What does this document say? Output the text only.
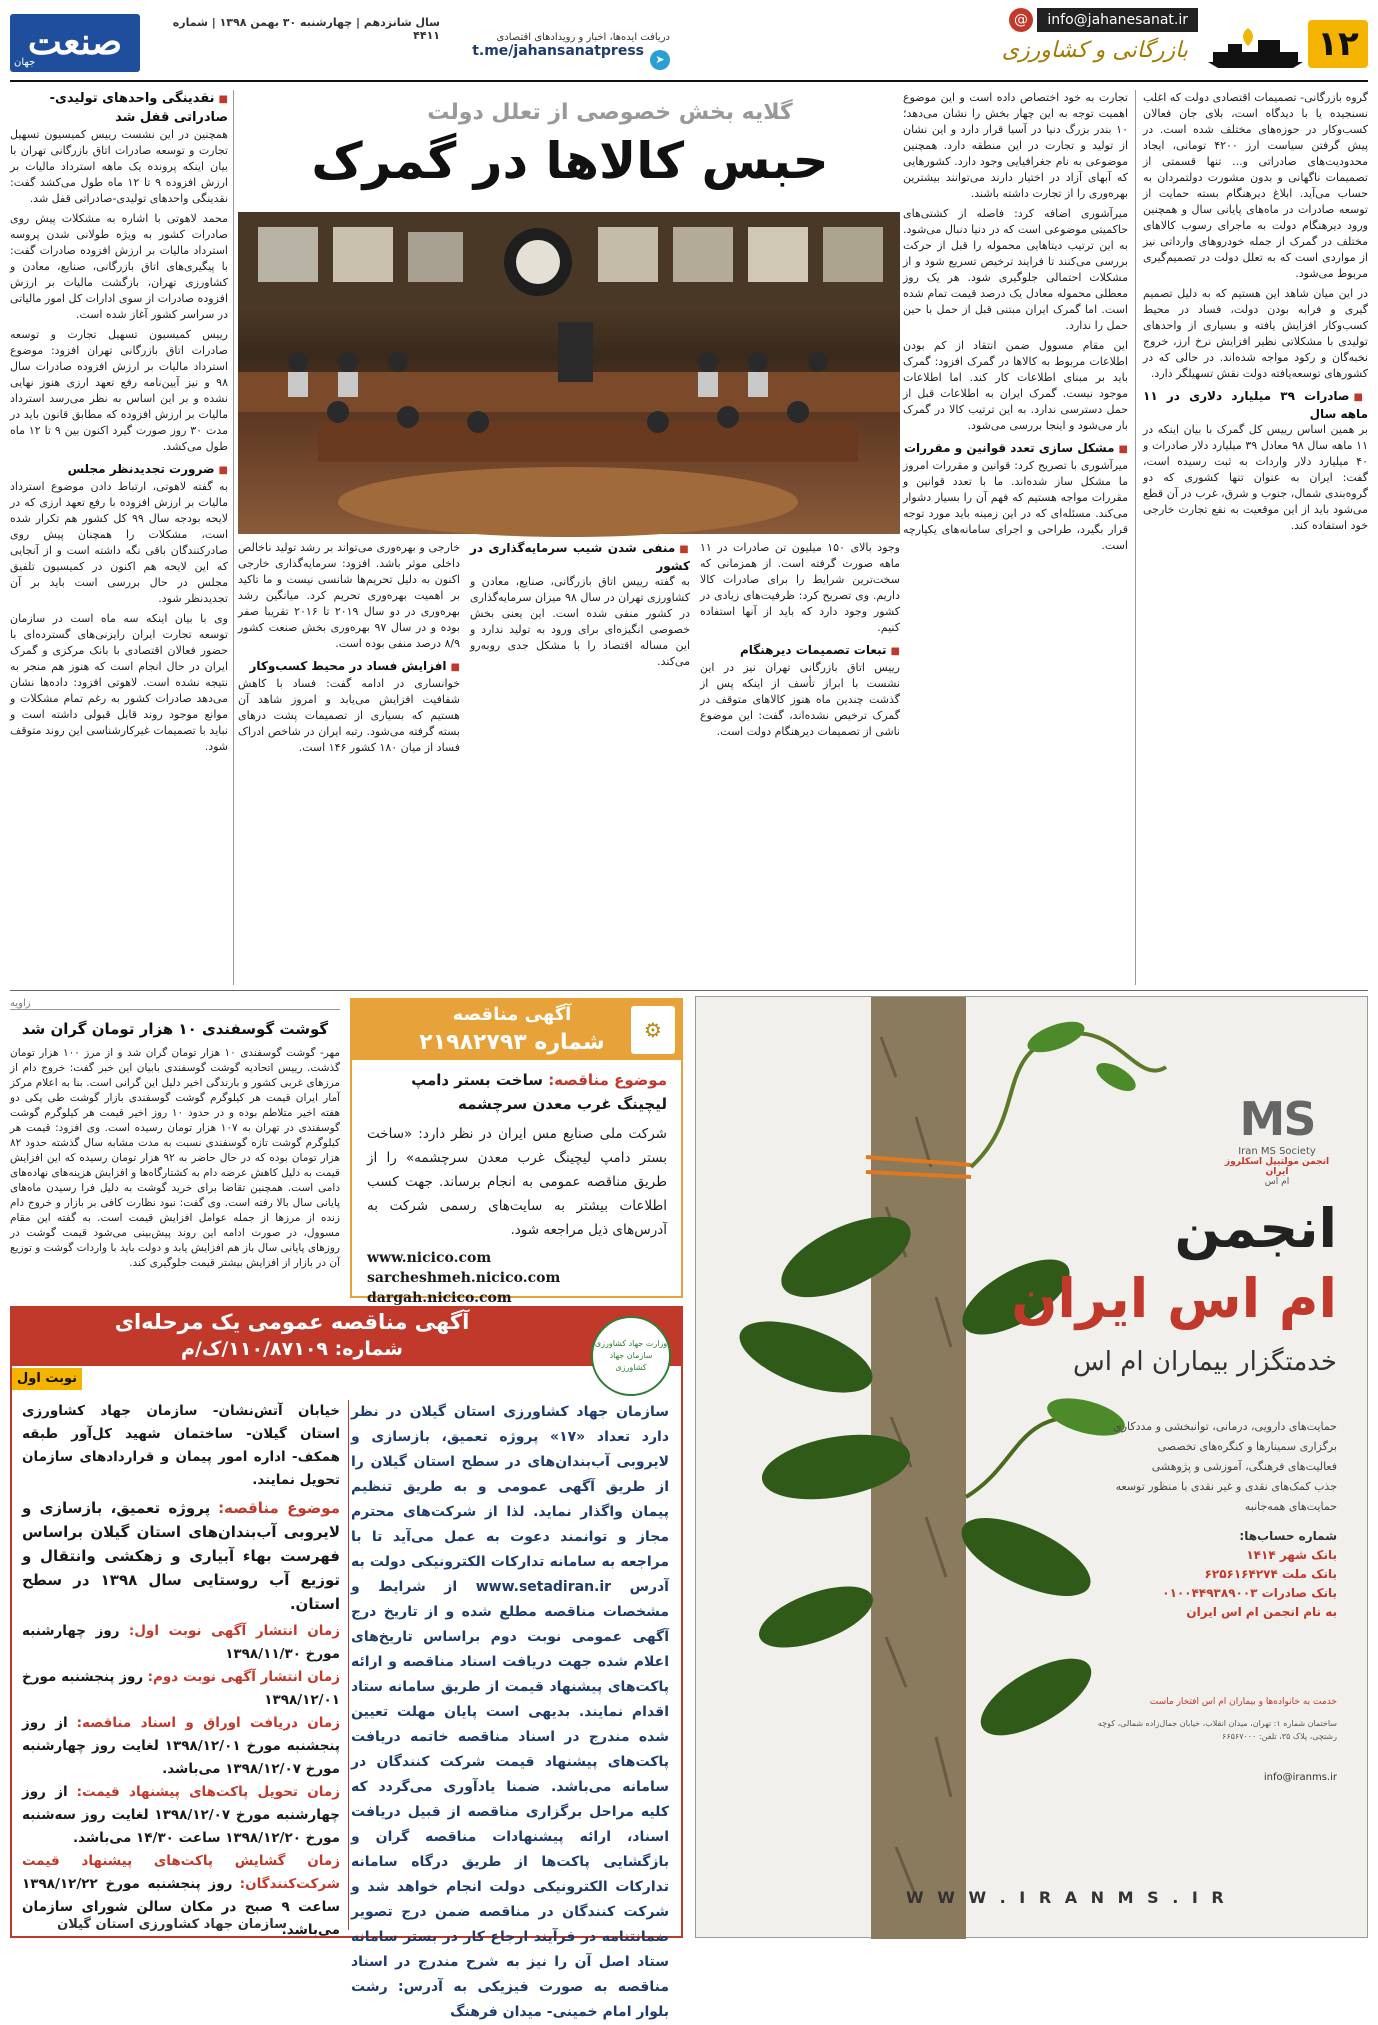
۱۲
بازرگانی و کشاورزی
info@jahanesanat.ir
@
دریافت ایده‌ها، اخبار و رویدادهای اقتصادی
t.me/jahansanatpress
➤
سال شانزدهم | چهارشنبه ۳۰ بهمن ۱۳۹۸ | شماره ۴۴۱۱
صنعت
جهان
گلایه بخش خصوصی از تعلل دولت
حبس کالاها در گمرک

گروه بازرگانی- تصمیمات اقتصادی دولت که اغلب نسنجیده یا با دیدگاه است، بلای جان فعالان کسب‌وکار در حوزه‌های مختلف شده است. در پیش گرفتن سیاست ارز ۴۲۰۰ تومانی، ایجاد محدودیت‌های صادراتی و... تنها قسمتی از تصمیمات ناگهانی و بدون مشورت دولتمردان به حساب می‌آید. ابلاغ دیرهنگام بسته حمایت از توسعه صادرات در ماه‌های پایانی سال و همچنین ورود دیرهنگام دولت به ماجرای رسوب کالاهای مختلف در گمرک از جمله خودروهای وارداتی نیز از مواردی است که به تعلل دولت در تصمیم‌گیری مربوط می‌شود.

در این میان شاهد این هستیم که به دلیل تصمیم گیری و فرابه بودن دولت، فساد در محیط کسب‌وکار افزایش یافته و بسیاری از واحدهای تولیدی با مشکلاتی نظیر افزایش نرخ ارز، خروج نخبه‌گان و رکود مواجه شده‌اند. در حالی که در کشورهای توسعه‌یافته دولت نقش تسهیلگر دارد.

■ صادرات ۳۹ میلیارد دلاری در ۱۱ ماهه سال

بر همین اساس رییس کل گمرک با بیان اینکه در ۱۱ ماهه سال ۹۸ معادل ۳۹ میلیارد دلار صادرات و ۴۰ میلیارد دلار واردات به ثبت رسیده است، گفت: ایران به عنوان تنها کشوری که دو گروه‌بندی شمال، جنوب و شرق، غرب در آن قطع می‌شود باید از این موقعیت به نفع تجارت خارجی خود استفاده کند.

تجارت به خود اختصاص داده است و این موضوع اهمیت توجه به این چهار بخش را نشان می‌دهد؛ ۱۰ بندر بزرگ دنیا در آسیا قرار دارد و این نشان از تولید و تجارت در این منطقه دارد. همچنین موضوعی به نام جغرافیایی وجود دارد. کشورهایی که آبهای آزاد در اختیار دارند می‌توانند بیشترین بهره‌وری را از تجارت داشته باشند.

میرآشوری اضافه کرد: فاصله از کشتی‌های حاکمیتی موضوعی است که در دنیا دنبال می‌شود. به این ترتیب دیتاهایی محموله را قبل از حرکت بررسی می‌کنند تا فرایند ترخیص تسریع شود و از مشکلات احتمالی جلوگیری شود. هر یک روز معطلی محموله معادل یک درصد قیمت تمام شده است. اما گمرک ایران مبتنی قبل از حمل با حین حمل را ندارد.

این مقام مسوول ضمن انتقاد از کم بودن اطلاعات مربوط به کالاها در گمرک افزود: گمرک باید بر مبنای اطلاعات کار کند. اما اطلاعات موجود نیست. گمرک ایران به اطلاعات قبل از حمل دسترسی ندارد. به این ترتیب کالا در گمرک بار می‌شود و اینجا بررسی می‌شود.

■ مشکل سازی تعدد قوانین و مقررات

میرآشوری با تصریح کرد: قوانین و مقررات امروز ما مشکل ساز شده‌اند. ما با تعدد قوانین و مقررات مواجه هستیم که فهم آن را بسیار دشوار می‌کند. مسئله‌ای که در این زمینه باید مورد توجه قرار بگیرد، طراحی و اجرای سامانه‌های یکپارچه است.

وجود بالای ۱۵۰ میلیون تن صادرات در ۱۱ ماهه صورت گرفته است. از همزمانی که سخت‌ترین شرایط را برای صادرات کالا داریم. وی تصریح کرد: ظرفیت‌های زیادی در کشور وجود دارد که باید از آنها استفاده کنیم.

■ تبعات تصمیمات دیرهنگام

رییس اتاق بازرگانی تهران نیز در این نشست با ابراز تأسف از اینکه پس از گذشت چندین ماه هنوز کالاهای متوقف در گمرک ترخیص نشده‌اند، گفت: این موضوع ناشی از تصمیمات دیرهنگام دولت است.

■ منفی شدن شیب سرمایه‌گذاری در کشور

به گفته رییس اتاق بازرگانی، صنایع، معادن و کشاورزی تهران در سال ۹۸ میزان سرمایه‌گذاری در کشور منفی شده است. این یعنی بخش خصوصی انگیزه‌ای برای ورود به تولید ندارد و این مساله اقتصاد را با مشکل جدی روبه‌رو می‌کند.

خارجی و بهره‌وری می‌تواند بر رشد تولید ناخالص داخلی موثر باشد. افزود: سرمایه‌گذاری خارجی اکنون به دلیل تحریم‌ها شانسی نیست و ما تاکید بر اهمیت بهره‌وری تحریم کرد. میانگین رشد بهره‌وری در دو سال ۲۰۱۹ تا ۲۰۱۶ تقریبا صفر بوده و در سال ۹۷ بهره‌وری بخش صنعت کشور ۸/۹ درصد منفی بوده است.

■ افزایش فساد در محیط کسب‌وکار

خوانساری در ادامه گفت: فساد با کاهش شفافیت افزایش می‌یابد و امروز شاهد آن هستیم که بسیاری از تصمیمات پشت درهای بسته گرفته می‌شود. رتبه ایران در شاخص ادراک فساد از میان ۱۸۰ کشور ۱۴۶ است.

■ نقدینگی واحدهای تولیدی- صادراتی قفل شد

همچنین در این نشست رییس کمیسیون تسهیل تجارت و توسعه صادرات اتاق بازرگانی تهران با بیان اینکه پرونده یک ماهه استرداد مالیات بر ارزش افزوده ۹ تا ۱۲ ماه طول می‌کشد گفت: نقدینگی واحدهای تولیدی-صادراتی قفل شد.

محمد لاهوتی با اشاره به مشکلات پیش روی صادرات کشور به ویژه طولانی شدن پروسه استرداد مالیات بر ارزش افزوده صادرات گفت: با پیگیری‌های اتاق بازرگانی، صنایع، معادن و کشاورزی تهران، بازگشت مالیات بر ارزش افزوده صادرات از سوی ادارات کل امور مالیاتی در سراسر کشور آغاز شده است.

رییس کمیسیون تسهیل تجارت و توسعه صادرات اتاق بازرگانی تهران افزود: موضوع استرداد مالیات بر ارزش افزوده صادرات سال ۹۸ و نیز آیین‌نامه رفع تعهد ارزی هنوز نهایی نشده و بر این اساس به نظر می‌رسد استرداد مالیات بر ارزش افزوده که مطابق قانون باید در مدت ۳۰ روز صورت گیرد اکنون بین ۹ تا ۱۲ ماه طول می‌کشد.

■ ضرورت تجدیدنظر مجلس

به گفته لاهوتی، ارتباط دادن موضوع استرداد مالیات بر ارزش افزوده با رفع تعهد ارزی که در لایحه بودجه سال ۹۹ کل کشور هم تکرار شده است، مشکلات را همچنان پیش روی صادرکنندگان باقی نگه داشته است و از آنجایی که این لایحه هم اکنون در کمیسیون تلفیق مجلس در حال بررسی است باید بر آن تجدیدنظر شود.

وی با بیان اینکه سه ماه است در سازمان توسعه تجارت ایران رایزنی‌های گسترده‌ای با حضور فعالان اقتصادی با بانک مرکزی و گمرک ایران در حال انجام است که هنوز هم منجر به نتیجه نشده است. لاهوتی افزود: داده‌ها نشان می‌دهد صادرات کشور به رغم تمام مشکلات و موانع موجود روند قابل قبولی داشته است و نباید با تصمیمات غیرکارشناسی این روند متوقف شود.

MS
Iran MS Society
انجمن مولتیپل اسکلروز ایران
ام اس
انجمن
ام اس ایران
خدمتگزار بیماران ام اس
حمایت‌های دارویی، درمانی، توانبخشی و مددکاری
برگزاری سمینارها و کنگره‌های تخصصی
فعالیت‌های فرهنگی، آموزشی و پژوهشی
جذب کمک‌های نقدی و غیر نقدی با منظور توسعه حمایت‌های همه‌جانبه
شماره حساب‌ها:
بانک شهر ۱۴۱۴
بانک ملت ۶۲۵۶۱۶۴۲۷۴
بانک صادرات ۰۱۰۰۴۴۹۳۸۹۰۰۳
به نام انجمن ام اس ایران
خدمت به خانواده‌ها و بیماران ام اس افتخار ماست
ساختمان شماره ۱: تهران، میدان انقلاب، خیابان جمال‌زاده شمالی، کوچه رشتچی، پلاک ۳۵، تلفن: ۶۶۵۶۷۰۰۰
info@iranms.ir
W W W . I R A N M S . I R
زاویه
گوشت گوسفندی ۱۰ هزار تومان گران شد
مهر- گوشت گوسفندی ۱۰ هزار تومان گران شد و از مرز ۱۰۰ هزار تومان گذشت. رییس اتحادیه گوشت گوسفندی بابیان این خبر گفت: خروج دام از مرزهای غربی کشور و بارندگی اخیر دلیل این گرانی است. بنا به اعلام مرکز آمار ایران قیمت هر کیلوگرم گوشت گوسفندی بازار گوشت طی یکی دو هفته اخیر متلاطم بوده و در حدود ۱۰ روز اخیر قیمت هر کیلوگرم گوشت گوسفندی در تهران به ۱۰۷ هزار تومان رسیده است. وی افزود: قیمت هر کیلوگرم گوشت تازه گوسفندی نسبت به مدت مشابه سال گذشته حدود ۸۲ هزار تومان بوده که در حال حاضر به ۹۲ هزار تومان رسیده که این افزایش قیمت به دلیل کاهش عرضه دام به کشتارگاه‌ها و افزایش هزینه‌های نهاده‌های دامی است. همچنین تقاضا برای خرید گوشت به دلیل فرا رسیدن ماه‌های پایانی سال بالا رفته است. وی گفت: نبود نظارت کافی بر بازار و خروج دام زنده از مرزها از جمله عوامل افزایش قیمت است. به گفته این مقام مسوول، در صورت ادامه این روند پیش‌بینی می‌شود قیمت گوشت در روزهای پایانی سال باز هم افزایش یابد و دولت باید با واردات گوشت و توزیع آن در بازار از افزایش بیشتر قیمت جلوگیری کند.
آگهی مناقصه
شماره ۲۱۹۸۲۷۹۳	⚙
موضوع مناقصه: ساخت بستر دامپ لیچینگ غرب معدن سرچشمه
شرکت ملی صنایع مس ایران در نظر دارد: «ساخت بستر دامپ لیچینگ غرب معدن سرچشمه» را از طریق مناقصه عمومی به انجام برساند. جهت کسب اطلاعات بیشتر به سایت‌های رسمی شرکت به آدرس‌های ذیل مراجعه شود.
www.nicico.com
sarcheshmeh.nicico.com
dargah.nicico.com
آگهی مناقصه عمومی یک مرحله‌ای
شماره: ۱۱۰/۸۷۱۰۹/ک/م	وزارت جهاد کشاورزی سازمان جهاد کشاورزی
نوبت اول
سازمان جهاد کشاورزی استان گیلان در نظر دارد تعداد «۱۷» پروژه تعمیق، بازسازی و لایروبی آب‌بندان‌های در سطح استان گیلان را از طریق آگهی عمومی و به طریق تنظیم پیمان واگذار نماید. لذا از شرکت‌های محترم مجاز و توانمند دعوت به عمل می‌آید تا با مراجعه به سامانه تدارکات الکترونیکی دولت به آدرس www.setadiran.ir از شرایط و مشخصات مناقصه مطلع شده و از تاریخ درج آگهی عمومی نوبت دوم براساس تاریخ‌های اعلام شده جهت دریافت اسناد مناقصه و ارائه پاکت‌های پیشنهاد قیمت از طریق سامانه ستاد اقدام نمایند. بدیهی است پایان مهلت تعیین شده مندرج در اسناد مناقصه خاتمه دریافت پاکت‌های پیشنهاد قیمت شرکت کنندگان در سامانه می‌باشد. ضمنا یادآوری می‌گردد که کلیه مراحل برگزاری مناقصه از قبیل دریافت اسناد، ارائه پیشنهادات مناقصه گران و بازگشایی پاکت‌ها از طریق درگاه سامانه تدارکات الکترونیکی دولت انجام خواهد شد و شرکت کنندگان در مناقصه ضمن درج تصویر ضمانتنامه در فرآیند ارجاع کار در بستر سامانه ستاد اصل آن را نیز به شرح مندرج در اسناد مناقصه به صورت فیزیکی به آدرس: رشت بلوار امام خمینی- میدان فرهنگ
خیابان آتش‌نشان- سازمان جهاد کشاورزی استان گیلان- ساختمان شهید کل‌آور طبقه همکف- اداره امور پیمان و قراردادهای سازمان تحویل نمایند.
موضوع مناقصه: پروژه تعمیق، بازسازی و لایروبی آب‌بندان‌های استان گیلان براساس فهرست بهاء آبیاری و زهکشی وانتقال و توزیع آب روستایی سال ۱۳۹۸ در سطح استان.
زمان انتشار آگهی نوبت اول: روز چهارشنبه مورخ ۱۳۹۸/۱۱/۳۰
زمان انتشار آگهی نوبت دوم: روز پنجشنبه مورخ ۱۳۹۸/۱۲/۰۱
زمان دریافت اوراق و اسناد مناقصه: از روز پنجشنبه مورخ ۱۳۹۸/۱۲/۰۱ لغایت روز چهارشنبه مورخ ۱۳۹۸/۱۲/۰۷ می‌باشد.
زمان تحویل پاکت‌های پیشنهاد قیمت: از روز چهارشنبه مورخ ۱۳۹۸/۱۲/۰۷ لغایت روز سه‌شنبه مورخ ۱۳۹۸/۱۲/۲۰ ساعت ۱۴/۳۰ می‌باشد.
زمان گشایش پاکت‌های پیشنهاد قیمت شرکت‌کنندگان: روز پنجشنبه مورخ ۱۳۹۸/۱۲/۲۲ ساعت ۹ صبح در مکان سالن شورای سازمان می‌باشد.
سازمان جهاد کشاورزی استان گیلان
